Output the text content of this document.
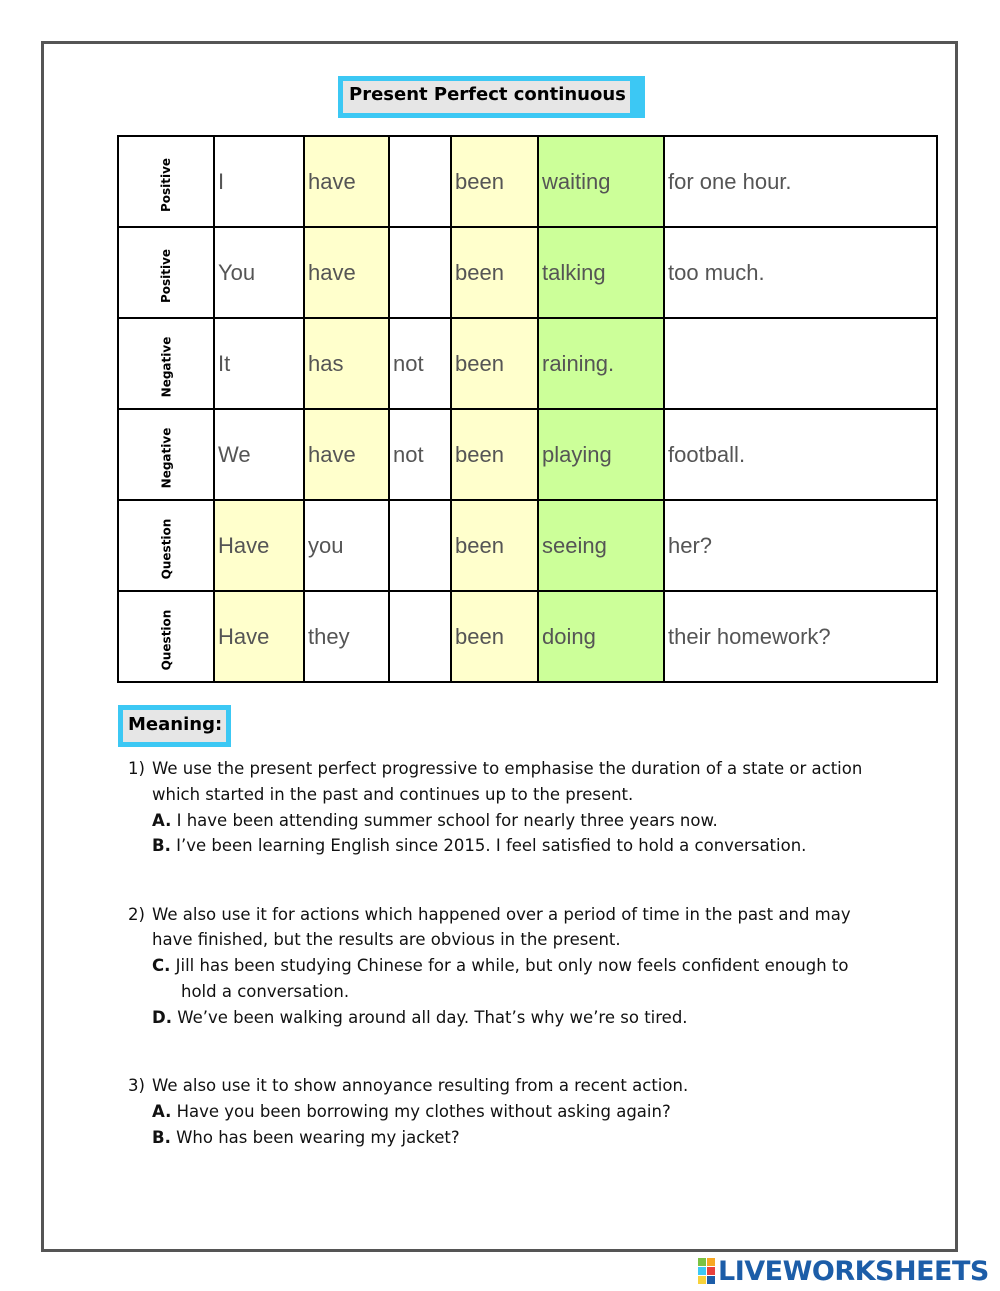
Present Perfect continuous
Positive	I	have		been	waiting	for one hour.
Positive	You	have		been	talking	too much.
Negative	It	has	not	been	raining.	
Negative	We	have	not	been	playing	football.
Question	Have	you		been	seeing	her?
Question	Have	they		been	doing	their homework?
Meaning:
1) We use the present perfect progressive to emphasise the duration of a state or action
which started in the past and continues up to the present.
A. I have been attending summer school for nearly three years now.
B. I’ve been learning English since 2015. I feel satisfied to hold a conversation.
2) We also use it for actions which happened over a period of time in the past and may
have finished, but the results are obvious in the present.
C. Jill has been studying Chinese for a while, but only now feels confident enough to
hold a conversation.
D. We’ve been walking around all day. That’s why we’re so tired.
3) We also use it to show annoyance resulting from a recent action.
A. Have you been borrowing my clothes without asking again?
B. Who has been wearing my jacket?
LIVEWORKSHEETS
